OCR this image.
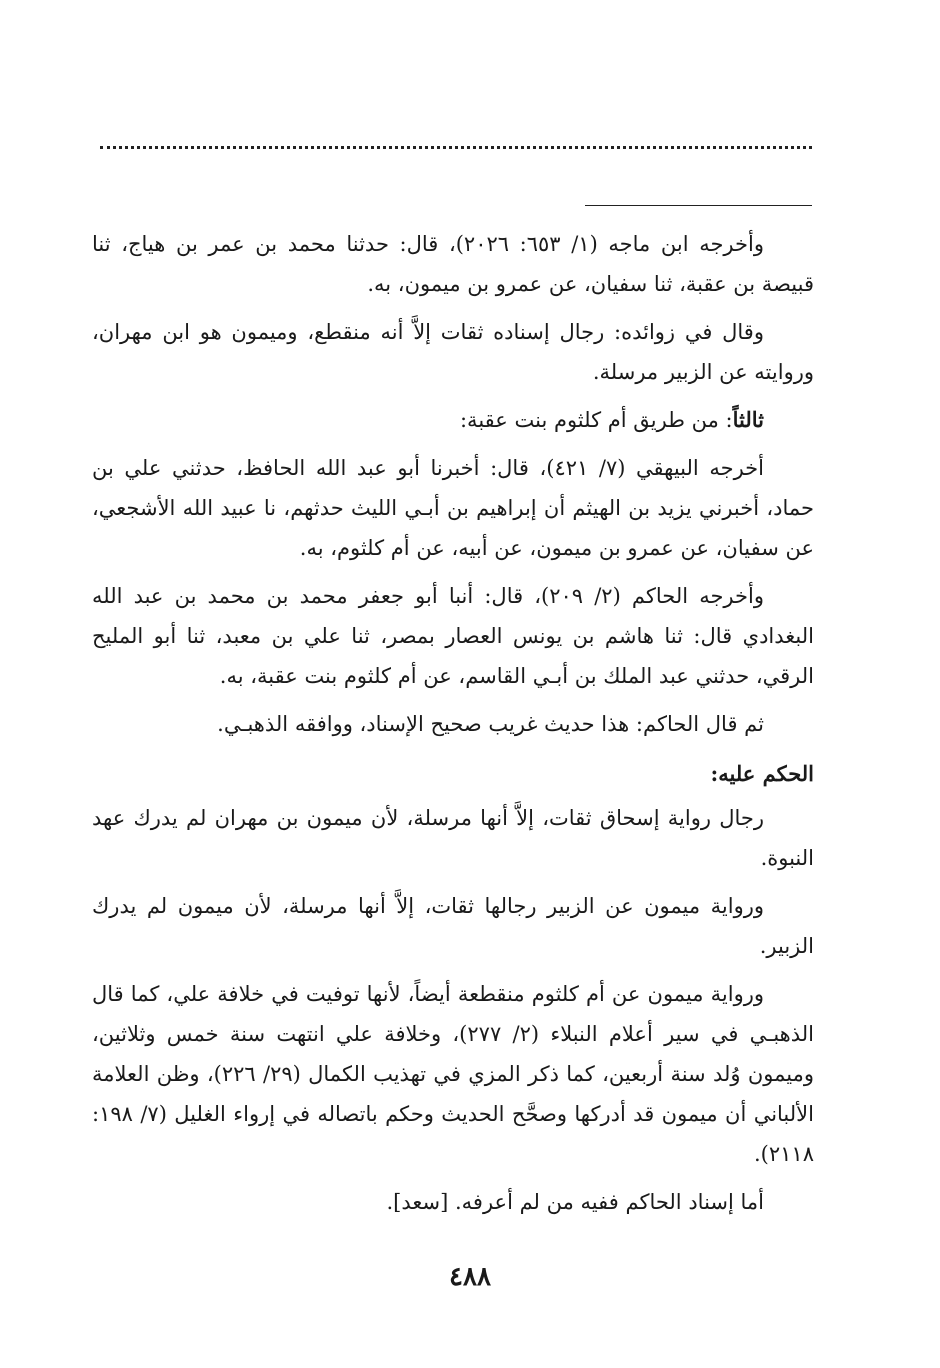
وأخرجه ابن ماجه (١/ ٦٥٣: ٢٠٢٦)، قال: حدثنا محمد بن عمر بن هياج، ثنا قبيصة بن عقبة، ثنا سفيان، عن عمرو بن ميمون، به.

وقال في زوائده: رجال إسناده ثقات إلاَّ أنه منقطع، وميمون هو ابن مهران، وروايته عن الزبير مرسلة.

ثالثاً: من طريق أم كلثوم بنت عقبة:

أخرجه البيهقي (٧/ ٤٢١)، قال: أخبرنا أبو عبد الله الحافظ، حدثني علي بن حماد، أخبرني يزيد بن الهيثم أن إبراهيم بن أبـي الليث حدثهم، نا عبيد الله الأشجعي، عن سفيان، عن عمرو بن ميمون، عن أبيه، عن أم كلثوم، به.

وأخرجه الحاكم (٢/ ٢٠٩)، قال: أنبا أبو جعفر محمد بن محمد بن عبد الله البغدادي قال: ثنا هاشم بن يونس العصار بمصر، ثنا علي بن معبد، ثنا أبو المليح الرقي، حدثني عبد الملك بن أبـي القاسم، عن أم كلثوم بنت عقبة، به.

ثم قال الحاكم: هذا حديث غريب صحيح الإسناد، ووافقه الذهبـي.

الحكم عليه:

رجال رواية إسحاق ثقات، إلاَّ أنها مرسلة، لأن ميمون بن مهران لم يدرك عهد النبوة.

ورواية ميمون عن الزبير رجالها ثقات، إلاَّ أنها مرسلة، لأن ميمون لم يدرك الزبير.

ورواية ميمون عن أم كلثوم منقطعة أيضاً، لأنها توفيت في خلافة علي، كما قال الذهبـي في سير أعلام النبلاء (٢/ ٢٧٧)، وخلافة علي انتهت سنة خمس وثلاثين، وميمون وُلد سنة أربعين، كما ذكر المزي في تهذيب الكمال (٢٩/ ٢٢٦)، وظن العلامة الألباني أن ميمون قد أدركها وصحَّح الحديث وحكم باتصاله في إرواء الغليل (٧/ ١٩٨: ٢١١٨).

أما إسناد الحاكم ففيه من لم أعرفه. [سعد].

٤٨٨
